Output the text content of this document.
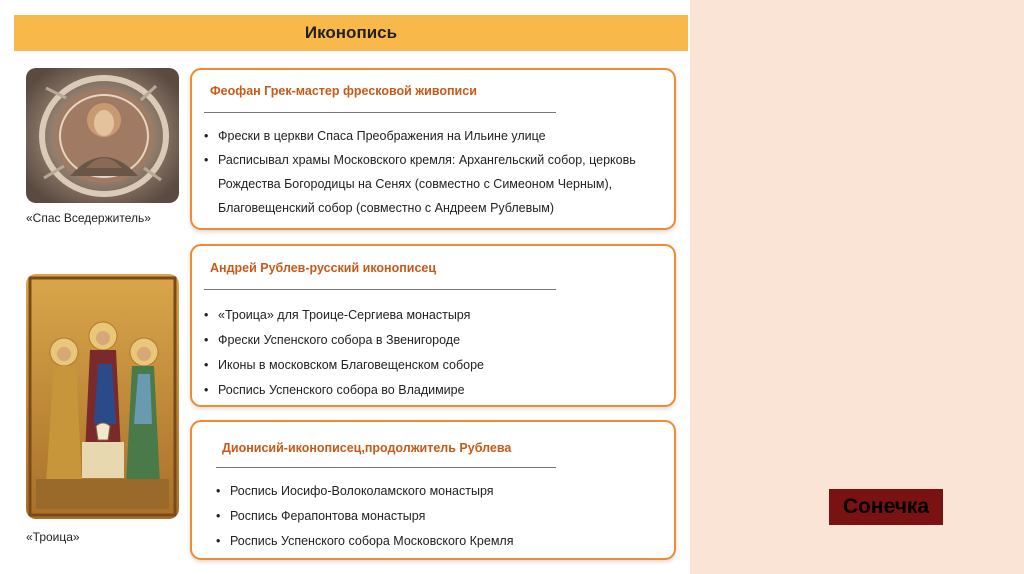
Иконопись
«Спас Вседержитель»
«Троица»
Феофан Грек-мастер фресковой живописи
• Фрески в церкви Спаса Преображения на Ильине улице
• Расписывал храмы Московского кремля: Архангельский собор, церковь
Рождества Богородицы на Сенях (совместно с Симеоном Черным),
Благовещенский собор (совместно с Андреем Рублевым)
Андрей Рублев-русский иконописец
• «Троица» для Троице-Сергиева монастыря
• Фрески Успенского собора в Звенигороде
• Иконы в московском Благовещенском соборе
• Роспись Успенского собора во Владимире
Дионисий-иконописец,продолжитель Рублева
• Роспись Иосифо-Волоколамского монастыря
• Роспись Ферапонтова монастыря
• Роспись Успенского собора Московского Кремля
Сонечка
